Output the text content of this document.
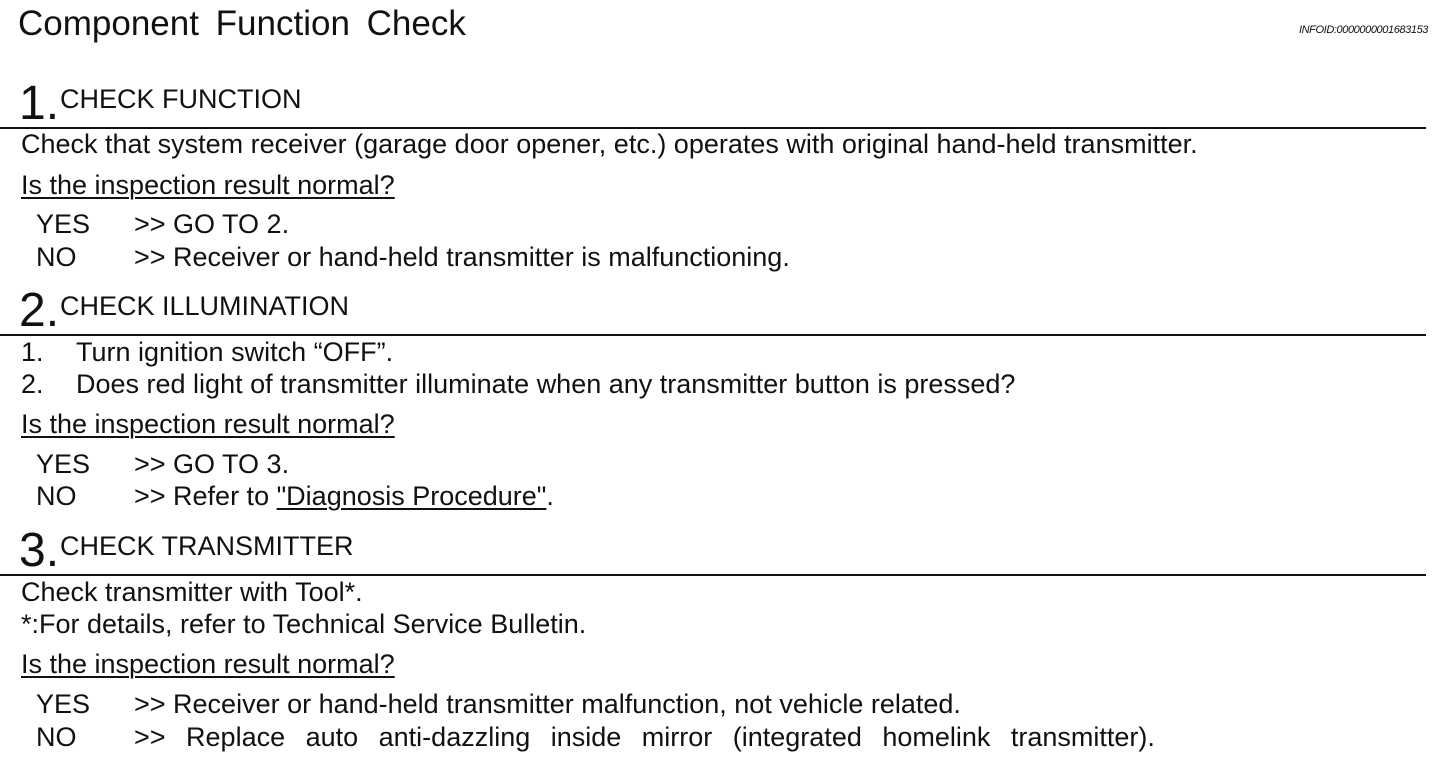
Component Function Check	INFOID:0000000001683153
1. CHECK FUNCTION
Check that system receiver (garage door opener, etc.) operates with original hand-held transmitter.
Is the inspection result normal?
YES >> GO TO 2.
NO >> Receiver or hand-held transmitter is malfunctioning.
2. CHECK ILLUMINATION
1. Turn ignition switch “OFF”.
2. Does red light of transmitter illuminate when any transmitter button is pressed?
Is the inspection result normal?
YES >> GO TO 3.
NO >> Refer to "Diagnosis Procedure".
3. CHECK TRANSMITTER
Check transmitter with Tool*.
*:For details, refer to Technical Service Bulletin.
Is the inspection result normal?
YES >> Receiver or hand-held transmitter malfunction, not vehicle related.
NO >> Replace auto anti-dazzling inside mirror (integrated homelink transmitter).
